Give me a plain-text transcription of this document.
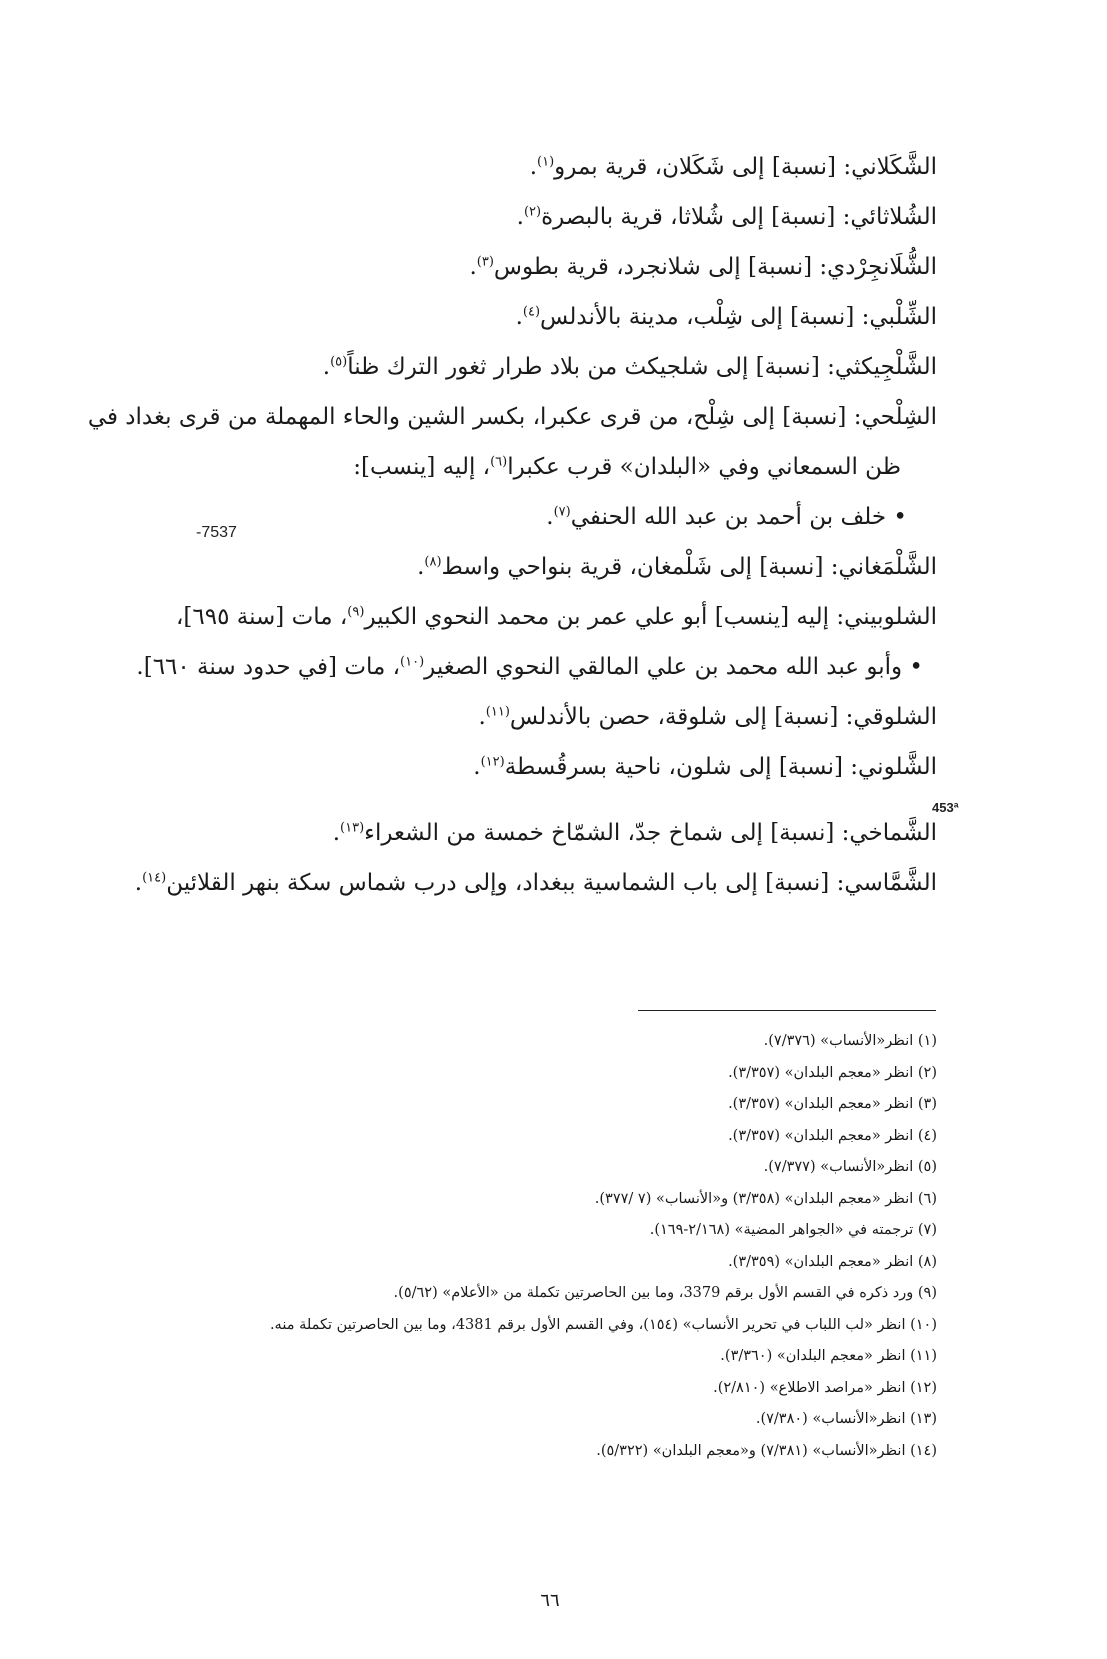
الشَّكَلاني: [نسبة] إلى شَكَلان، قرية بمرو$^{(١)}$.
الشُلاثائي: [نسبة] إلى شُلاثا، قرية بالبصرة$^{(٢)}$.
الشُّلَانجِرْدي: [نسبة] إلى شلانجرد، قرية بطوس$^{(٣)}$.
الشِّلْبي: [نسبة] إلى شِلْب، مدينة بالأندلس$^{(٤)}$.
الشَّلْجِيكثي: [نسبة] إلى شلجيكث من بلاد طرار ثغور الترك ظناً$^{(٥)}$.
الشِلْحي: [نسبة] إلى شِلْح، من قرى عكبرا، بكسر الشين والحاء المهملة من قرى بغداد في
ظن السمعاني وفي «البلدان» قرب عكبرا$^{(٦)}$، إليه [ينسب]:
• خلف بن أحمد بن عبد الله الحنفي$^{(٧)}$.
الشَّلْمَغاني: [نسبة] إلى شَلْمغان، قرية بنواحي واسط$^{(٨)}$.
الشلوبيني: إليه [ينسب] أبو علي عمر بن محمد النحوي الكبير$^{(٩)}$، مات [سنة ٦٩٥]،
• وأبو عبد الله محمد بن علي المالقي النحوي الصغير$^{(١٠)}$، مات [في حدود سنة ٦٦٠].
الشلوقي: [نسبة] إلى شلوقة، حصن بالأندلس$^{(١١)}$.
الشَّلوني: [نسبة] إلى شلون، ناحية بسرقُسطة$^{(١٢)}$.
الشَّماخي: [نسبة] إلى شماخ جدّ، الشمّاخ خمسة من الشعراء$^{(١٣)}$.
الشَّمَّاسي: [نسبة] إلى باب الشماسية ببغداد، وإلى درب شماس سكة بنهر القلائين$^{(١٤)}$.
-7537
453ª
(١) انظر«الأنساب» (٧/٣٧٦).
(٢) انظر «معجم البلدان» (٣/٣٥٧).
(٣) انظر «معجم البلدان» (٣/٣٥٧).
(٤) انظر «معجم البلدان» (٣/٣٥٧).
(٥) انظر«الأنساب» (٧/٣٧٧).
(٦) انظر «معجم البلدان» (٣/٣٥٨) و«الأنساب» (٧ /٣٧٧).
(٧) ترجمته في «الجواهر المضية» (٢/١٦٨-١٦٩).
(٨) انظر «معجم البلدان» (٣/٣٥٩).
(٩) ورد ذكره في القسم الأول برقم 3379، وما بين الحاصرتين تكملة من «الأعلام» (٥/٦٢).
(١٠) انظر «لب اللباب في تحرير الأنساب» (١٥٤)، وفي القسم الأول برقم 4381، وما بين الحاصرتين تكملة منه.
(١١) انظر «معجم البلدان» (٣/٣٦٠).
(١٢) انظر «مراصد الاطلاع» (٢/٨١٠).
(١٣) انظر«الأنساب» (٧/٣٨٠).
(١٤) انظر«الأنساب» (٧/٣٨١) و«معجم البلدان» (٥/٣٢٢).
٦٦
